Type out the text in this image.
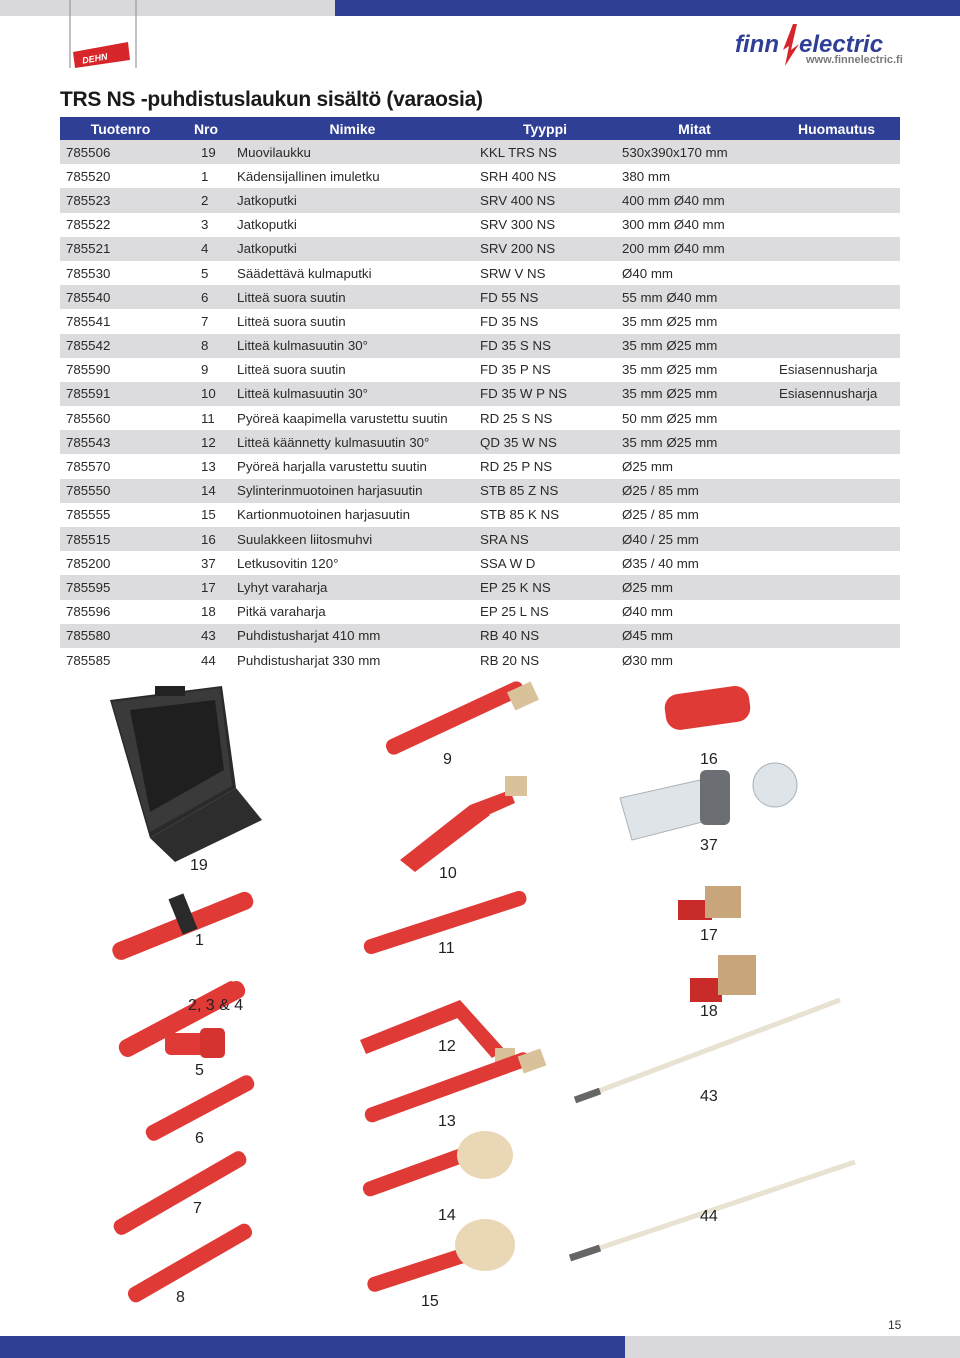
DEHN
finn electric
www.finnelectric.fi
TRS NS -puhdistuslaukun sisältö (varaosia)
Tuotenro	Nro	Nimike	Tyyppi	Mitat	Huomautus
785506	19	Muovilaukku	KKL TRS NS	530x390x170 mm	
785520	1	Kädensijallinen imuletku	SRH 400 NS	380 mm	
785523	2	Jatkoputki	SRV 400 NS	400 mm Ø40 mm	
785522	3	Jatkoputki	SRV 300 NS	300 mm Ø40 mm	
785521	4	Jatkoputki	SRV 200 NS	200 mm Ø40 mm	
785530	5	Säädettävä kulmaputki	SRW V NS	Ø40 mm	
785540	6	Litteä suora suutin	FD 55 NS	55 mm Ø40 mm	
785541	7	Litteä suora suutin	FD 35 NS	35 mm Ø25 mm	
785542	8	Litteä kulmasuutin 30°	FD 35 S NS	35 mm Ø25 mm	
785590	9	Litteä suora suutin	FD 35 P NS	35 mm Ø25 mm	Esiasennusharja
785591	10	Litteä kulmasuutin 30°	FD 35 W P NS	35 mm Ø25 mm	Esiasennusharja
785560	11	Pyöreä kaapimella varustettu suutin	RD 25 S NS	50 mm Ø25 mm	
785543	12	Litteä käännetty kulmasuutin 30°	QD 35 W NS	35 mm Ø25 mm	
785570	13	Pyöreä harjalla varustettu suutin	RD 25 P NS	Ø25 mm	
785550	14	Sylinterinmuotoinen harjasuutin	STB 85 Z NS	Ø25 / 85 mm	
785555	15	Kartionmuotoinen harjasuutin	STB 85 K NS	Ø25 / 85 mm	
785515	16	Suulakkeen liitosmuhvi	SRA NS	Ø40 / 25 mm	
785200	37	Letkusovitin 120°	SSA W D	Ø35 / 40 mm	
785595	17	Lyhyt varaharja	EP 25 K NS	Ø25 mm	
785596	18	Pitkä varaharja	EP 25 L NS	Ø40 mm	
785580	43	Puhdistusharjat 410 mm	RB 40 NS	Ø45 mm	
785585	44	Puhdistusharjat 330 mm	RB 20 NS	Ø30 mm	
19
1
2, 3 & 4
5
6
7
8
9
10
11
12
13
14
15
16
37
17
18
43
44
15
